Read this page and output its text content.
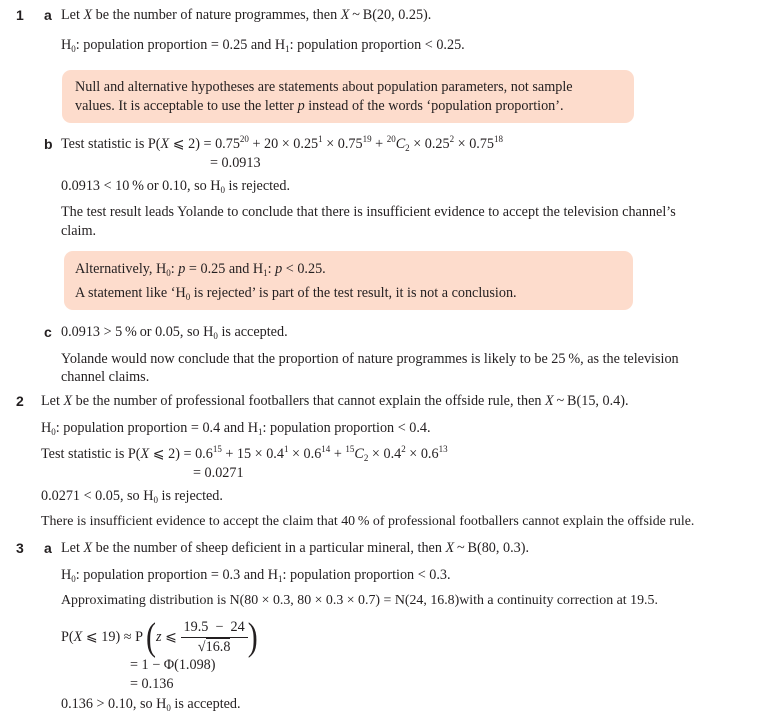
1 a Let X be the number of nature programmes, then X ~ B(20, 0.25).
$H_0$: population proportion = 0.25 and $H_1$: population proportion < 0.25.
Null and alternative hypotheses are statements about population parameters, not sample
values. It is acceptable to use the letter p instead of the words ‘population proportion’.
b Test statistic is P(X ⩽ $2) = 0.75^{20} + 20 \times 0.25^1 \times 0.75^{19} + ^{20}C_2 \times 0.25^2 \times 0.75^{18}$
= 0.0913
0.0913 < 10 % or 0.10, so $H_0$ is rejected.
The test result leads Yolande to conclude that there is insufficient evidence to accept the television channel’s
claim.
Alternatively, $H_0$: p = 0.25 and $H_1$: p < 0.25.
A statement like ‘$H_0$ is rejected’ is part of the test result, it is not a conclusion.
c 0.0913 > 5 % or 0.05, so $H_0$ is accepted.
Yolande would now conclude that the proportion of nature programmes is likely to be 25 %, as the television
channel claims.
2 Let X be the number of professional footballers that cannot explain the offside rule, then X ~ B(15, 0.4).
$H_0$: population proportion = 0.4 and $H_1$: population proportion < 0.4.
Test statistic is P(X ⩽ $2) = 0.6^{15} + 15 \times 0.4^1 \times 0.6^{14} + ^{15}C_2 \times 0.4^2 \times 0.6^{13}$
= 0.0271
0.0271 < 0.05, so $H_0$ is rejected.
There is insufficient evidence to accept the claim that 40 % of professional footballers cannot explain the offside rule.
3 a Let X be the number of sheep deficient in a particular mineral, then X ~ B(80, 0.3).
$H_0$: population proportion = 0.3 and $H_1$: population proportion < 0.3.
Approximating distribution is N(80 × 0.3, 80 × 0.3 × 0.7) = N(24, 16.8)with a continuity correction at 19.5.
P(X ⩽ 19) ≈ P (z ⩽ $\frac{19.5 - 24}{√16.8}$ )
= 1 − Φ(1.098)
= 0.136
0.136 > 0.10, so $H_0$ is accepted.
